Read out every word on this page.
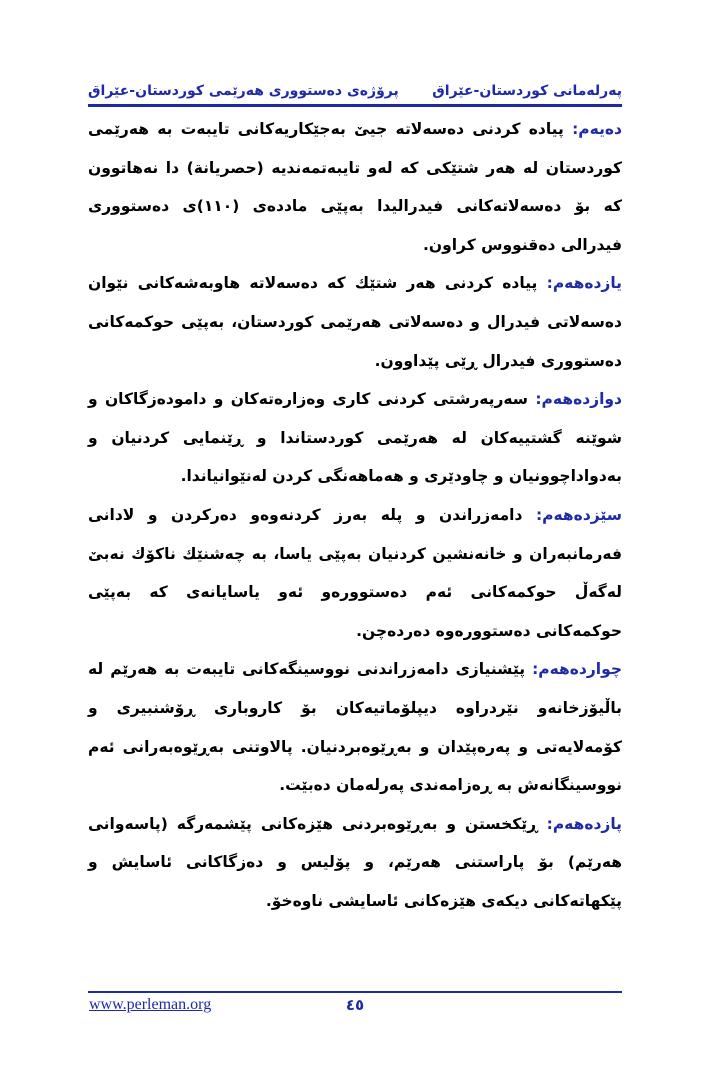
پەرلەمانی کوردستان-عێراق
پرۆژەی دەستووری هەرێمی کوردستان-عێراق

دەیەم: پیادە کردنی دەسەلاتە جیێ بەجێکاریەکانی تایبەت بە هەرێمی کوردستان لە هەر شتێکی کە لەو تایبەتمەندیە (حصریانة) دا نەهاتوون کە بۆ دەسەلاتەکانی فیدرالیدا بەپێی ماددەی (١١٠)ی دەستووری فیدرالی دەقنووس کراون.

یازدەهەم: پیادە کردنی هەر شتێك کە دەسەلاتە هاوبەشەکانی نێوان دەسەلاتی فیدرال و دەسەلاتی هەرێمی کوردستان، بەپێی حوکمەکانی دەستووری فیدرال ڕێی پێداوون.

دوازدەهەم: سەرپەرشتی کردنی کاری وەزارەتەکان و دامودەزگاکان و شوێنە گشتییەکان لە هەرێمی کوردستاندا و ڕێنمایی کردنیان و بەدواداچوونیان و چاودێری و هەماهەنگی کردن لەنێوانیاندا.

سێزدەهەم: دامەزراندن و پلە بەرز کردنەوەو دەرکردن و لادانی فەرمانبەران و خانەنشین کردنیان بەپێی یاسا، بە چەشنێك ناکۆك نەبێ لەگەڵ حوکمەکانی ئەم دەستوورەو ئەو یاسایانەی کە بەپێی حوکمەکانی دەستوورەوە دەردەچن.

چواردەهەم: پێشنیازی دامەزراندنی نووسینگەکانی تایبەت بە هەرێم لە باڵیۆزخانەو نێردراوە دیپلۆماتیەکان بۆ کاروباری ڕۆشنبیری و کۆمەلایەتی و پەرەپێدان و بەڕێوەبردنیان. پالاوتنی بەڕێوەبەرانی ئەم نووسینگانەش بە ڕەزامەندی پەرلەمان دەبێت.

پازدەهەم: ڕێکخستن و بەڕێوەبردنی هێزەکانی پێشمەرگە (پاسەوانی هەرێم) بۆ پاراستنی هەرێم، و پۆلیس و دەزگاکانی ئاسایش و پێکهاتەکانی دیکەی هێزەکانی ئاسایشی ناوەخۆ.

www.perleman.org	٤٥
